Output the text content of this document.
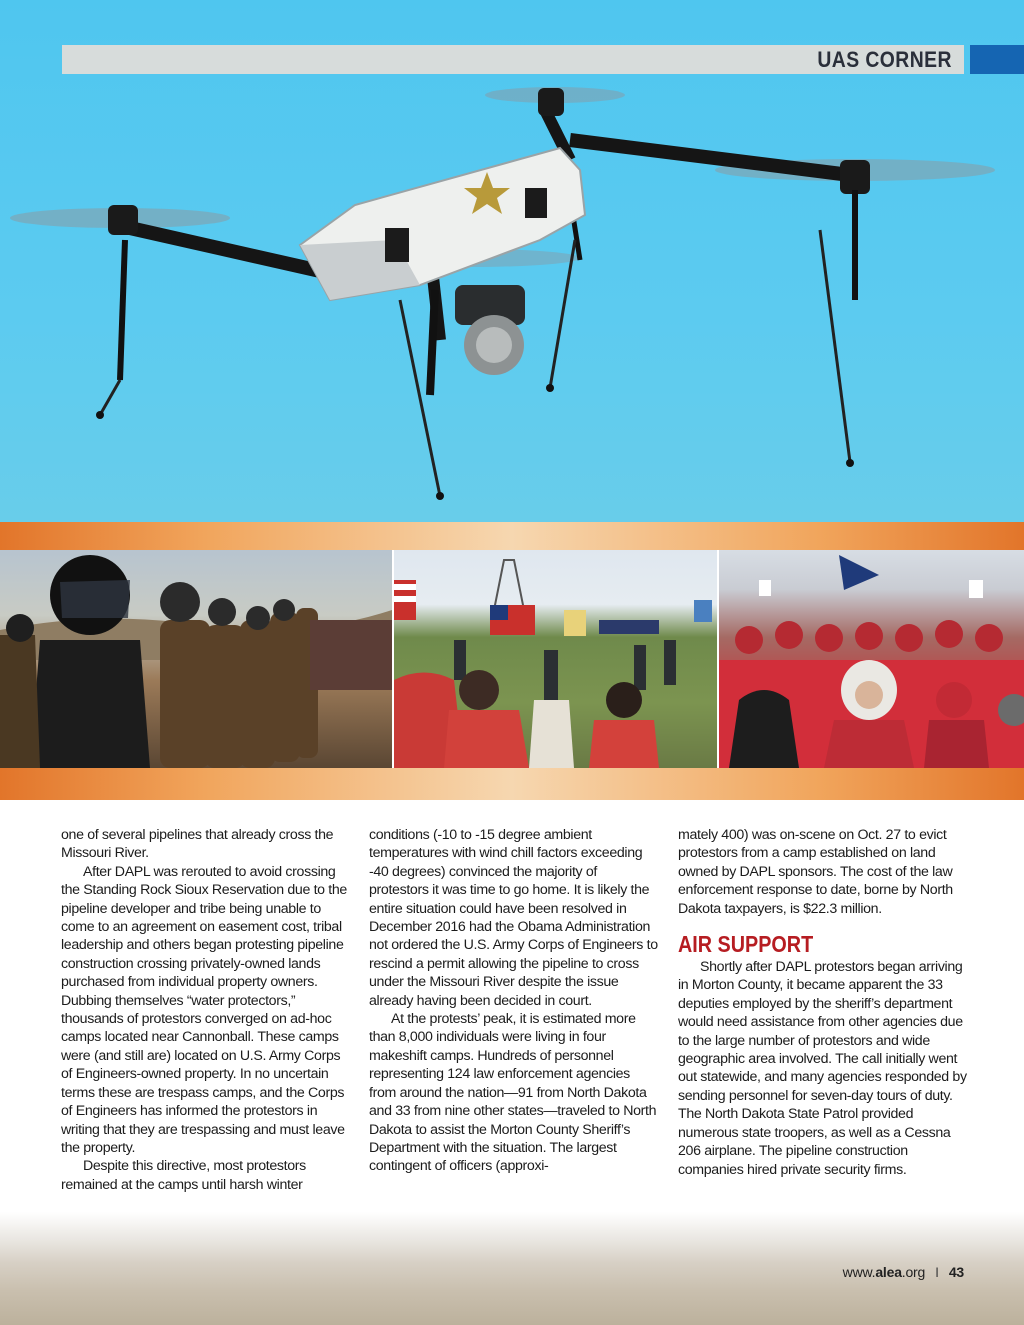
UAS CORNER

one of several pipelines that already cross the Missouri River.

After DAPL was rerouted to avoid crossing the Standing Rock Sioux Reservation due to the pipeline developer and tribe being unable to come to an agreement on easement cost, tribal leadership and others began protesting pipeline construction crossing privately-owned lands purchased from individual property owners. Dubbing themselves “water protectors,” thousands of protestors converged on ad-hoc camps located near Cannonball. These camps were (and still are) located on U.S. Army Corps of Engineers-owned property. In no uncertain terms these are trespass camps, and the Corps of Engineers has informed the protestors in writing that they are trespassing and must leave the property.

Despite this directive, most protestors remained at the camps until harsh winter

conditions (-10 to -15 degree ambient temperatures with wind chill factors exceeding -40 degrees) convinced the majority of protestors it was time to go home. It is likely the entire situation could have been resolved in December 2016 had the Obama Administration not ordered the U.S. Army Corps of Engineers to rescind a permit allowing the pipeline to cross under the Missouri River despite the issue already having been decided in court.

At the protests’ peak, it is estimated more than 8,000 individuals were living in four makeshift camps. Hundreds of personnel representing 124 law enforcement agencies from around the nation—91 from North Dakota and 33 from nine other states—traveled to North Dakota to assist the Morton County Sheriff’s Department with the situation. The largest contingent of officers (approxi-

mately 400) was on-scene on Oct. 27 to evict protestors from a camp established on land owned by DAPL sponsors. The cost of the law enforcement response to date, borne by North Dakota taxpayers, is $22.3 million.

AIR SUPPORT

Shortly after DAPL protestors began arriving in Morton County, it became apparent the 33 deputies employed by the sheriff’s department would need assistance from other agencies due to the large number of protestors and wide geographic area involved. The call initially went out statewide, and many agencies responded by sending personnel for seven-day tours of duty. The North Dakota State Patrol provided numerous state troopers, as well as a Cessna 206 airplane. The pipeline construction companies hired private security firms.

www.alea.org I 43
